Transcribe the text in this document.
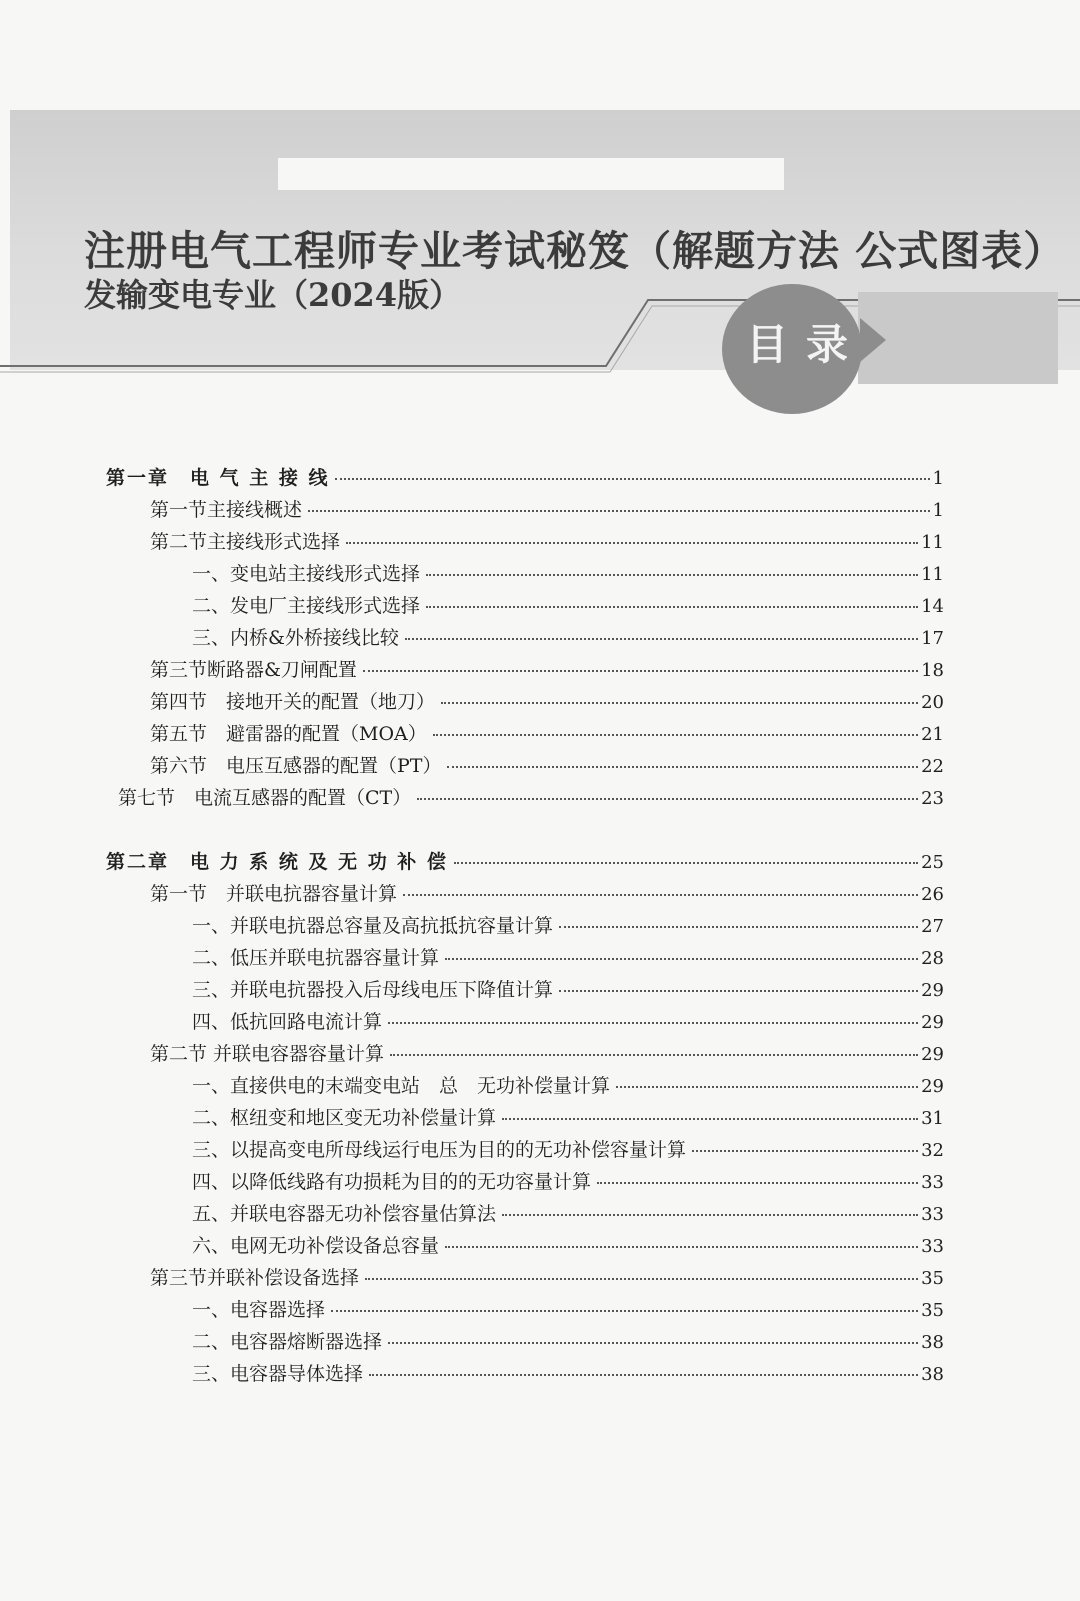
注册电气工程师专业考试秘笈（解题方法 公式图表）
发输变电专业（2024版）
目录
第一章　电 气 主 接 线	1
第一节主接线概述	1
第二节主接线形式选择	11
一、变电站主接线形式选择	11
二、发电厂主接线形式选择	14
三、内桥&外桥接线比较	17
第三节断路器&刀闸配置	18
第四节　接地开关的配置（地刀）	20
第五节　避雷器的配置（MOA）	21
第六节　电压互感器的配置（PT）	22
第七节　电流互感器的配置（CT）	23
第二章　电 力 系 统 及 无 功 补 偿	25
第一节　并联电抗器容量计算	26
一、并联电抗器总容量及高抗抵抗容量计算	27
二、低压并联电抗器容量计算	28
三、并联电抗器投入后母线电压下降值计算	29
四、低抗回路电流计算	29
第二节 并联电容器容量计算	29
一、直接供电的末端变电站　总　无功补偿量计算	29
二、枢纽变和地区变无功补偿量计算	31
三、以提高变电所母线运行电压为目的的无功补偿容量计算	32
四、以降低线路有功损耗为目的的无功容量计算	33
五、并联电容器无功补偿容量估算法	33
六、电网无功补偿设备总容量	33
第三节并联补偿设备选择	35
一、电容器选择	35
二、电容器熔断器选择	38
三、电容器导体选择	38
